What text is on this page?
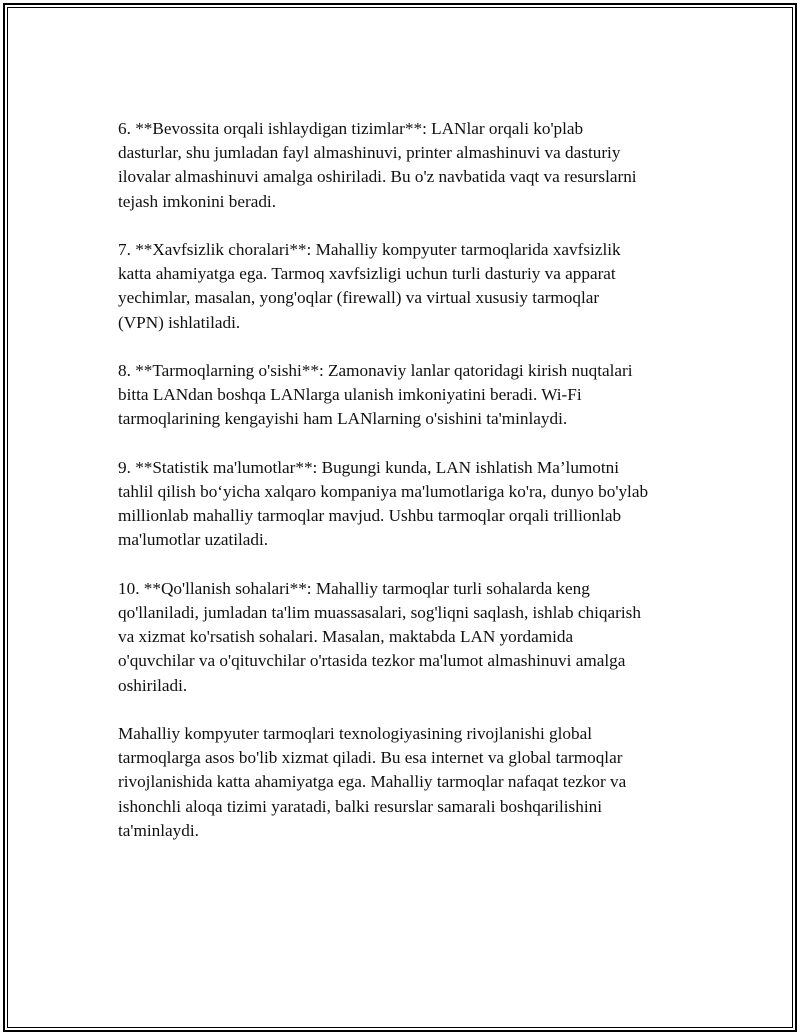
6. **Bevossita orqali ishlaydigan tizimlar**: LANlar orqali ko'plab
dasturlar, shu jumladan fayl almashinuvi, printer almashinuvi va dasturiy
ilovalar almashinuvi amalga oshiriladi. Bu o'z navbatida vaqt va resurslarni
tejash imkonini beradi.

7. **Xavfsizlik choralari**: Mahalliy kompyuter tarmoqlarida xavfsizlik
katta ahamiyatga ega. Tarmoq xavfsizligi uchun turli dasturiy va apparat
yechimlar, masalan, yong'oqlar (firewall) va virtual xususiy tarmoqlar
(VPN) ishlatiladi.

8. **Tarmoqlarning o'sishi**: Zamonaviy lanlar qatoridagi kirish nuqtalari
bitta LANdan boshqa LANlarga ulanish imkoniyatini beradi. Wi-Fi
tarmoqlarining kengayishi ham LANlarning o'sishini ta'minlaydi.

9. **Statistik ma'lumotlar**: Bugungi kunda, LAN ishlatish Ma’lumotni
tahlil qilish bo‘yicha xalqaro kompaniya ma'lumotlariga ko'ra, dunyo bo'ylab
millionlab mahalliy tarmoqlar mavjud. Ushbu tarmoqlar orqali trillionlab
ma'lumotlar uzatiladi.

10. **Qo'llanish sohalari**: Mahalliy tarmoqlar turli sohalarda keng
qo'llaniladi, jumladan ta'lim muassasalari, sog'liqni saqlash, ishlab chiqarish
va xizmat ko'rsatish sohalari. Masalan, maktabda LAN yordamida
o'quvchilar va o'qituvchilar o'rtasida tezkor ma'lumot almashinuvi amalga
oshiriladi.

Mahalliy kompyuter tarmoqlari texnologiyasining rivojlanishi global
tarmoqlarga asos bo'lib xizmat qiladi. Bu esa internet va global tarmoqlar
rivojlanishida katta ahamiyatga ega. Mahalliy tarmoqlar nafaqat tezkor va
ishonchli aloqa tizimi yaratadi, balki resurslar samarali boshqarilishini
ta'minlaydi.
